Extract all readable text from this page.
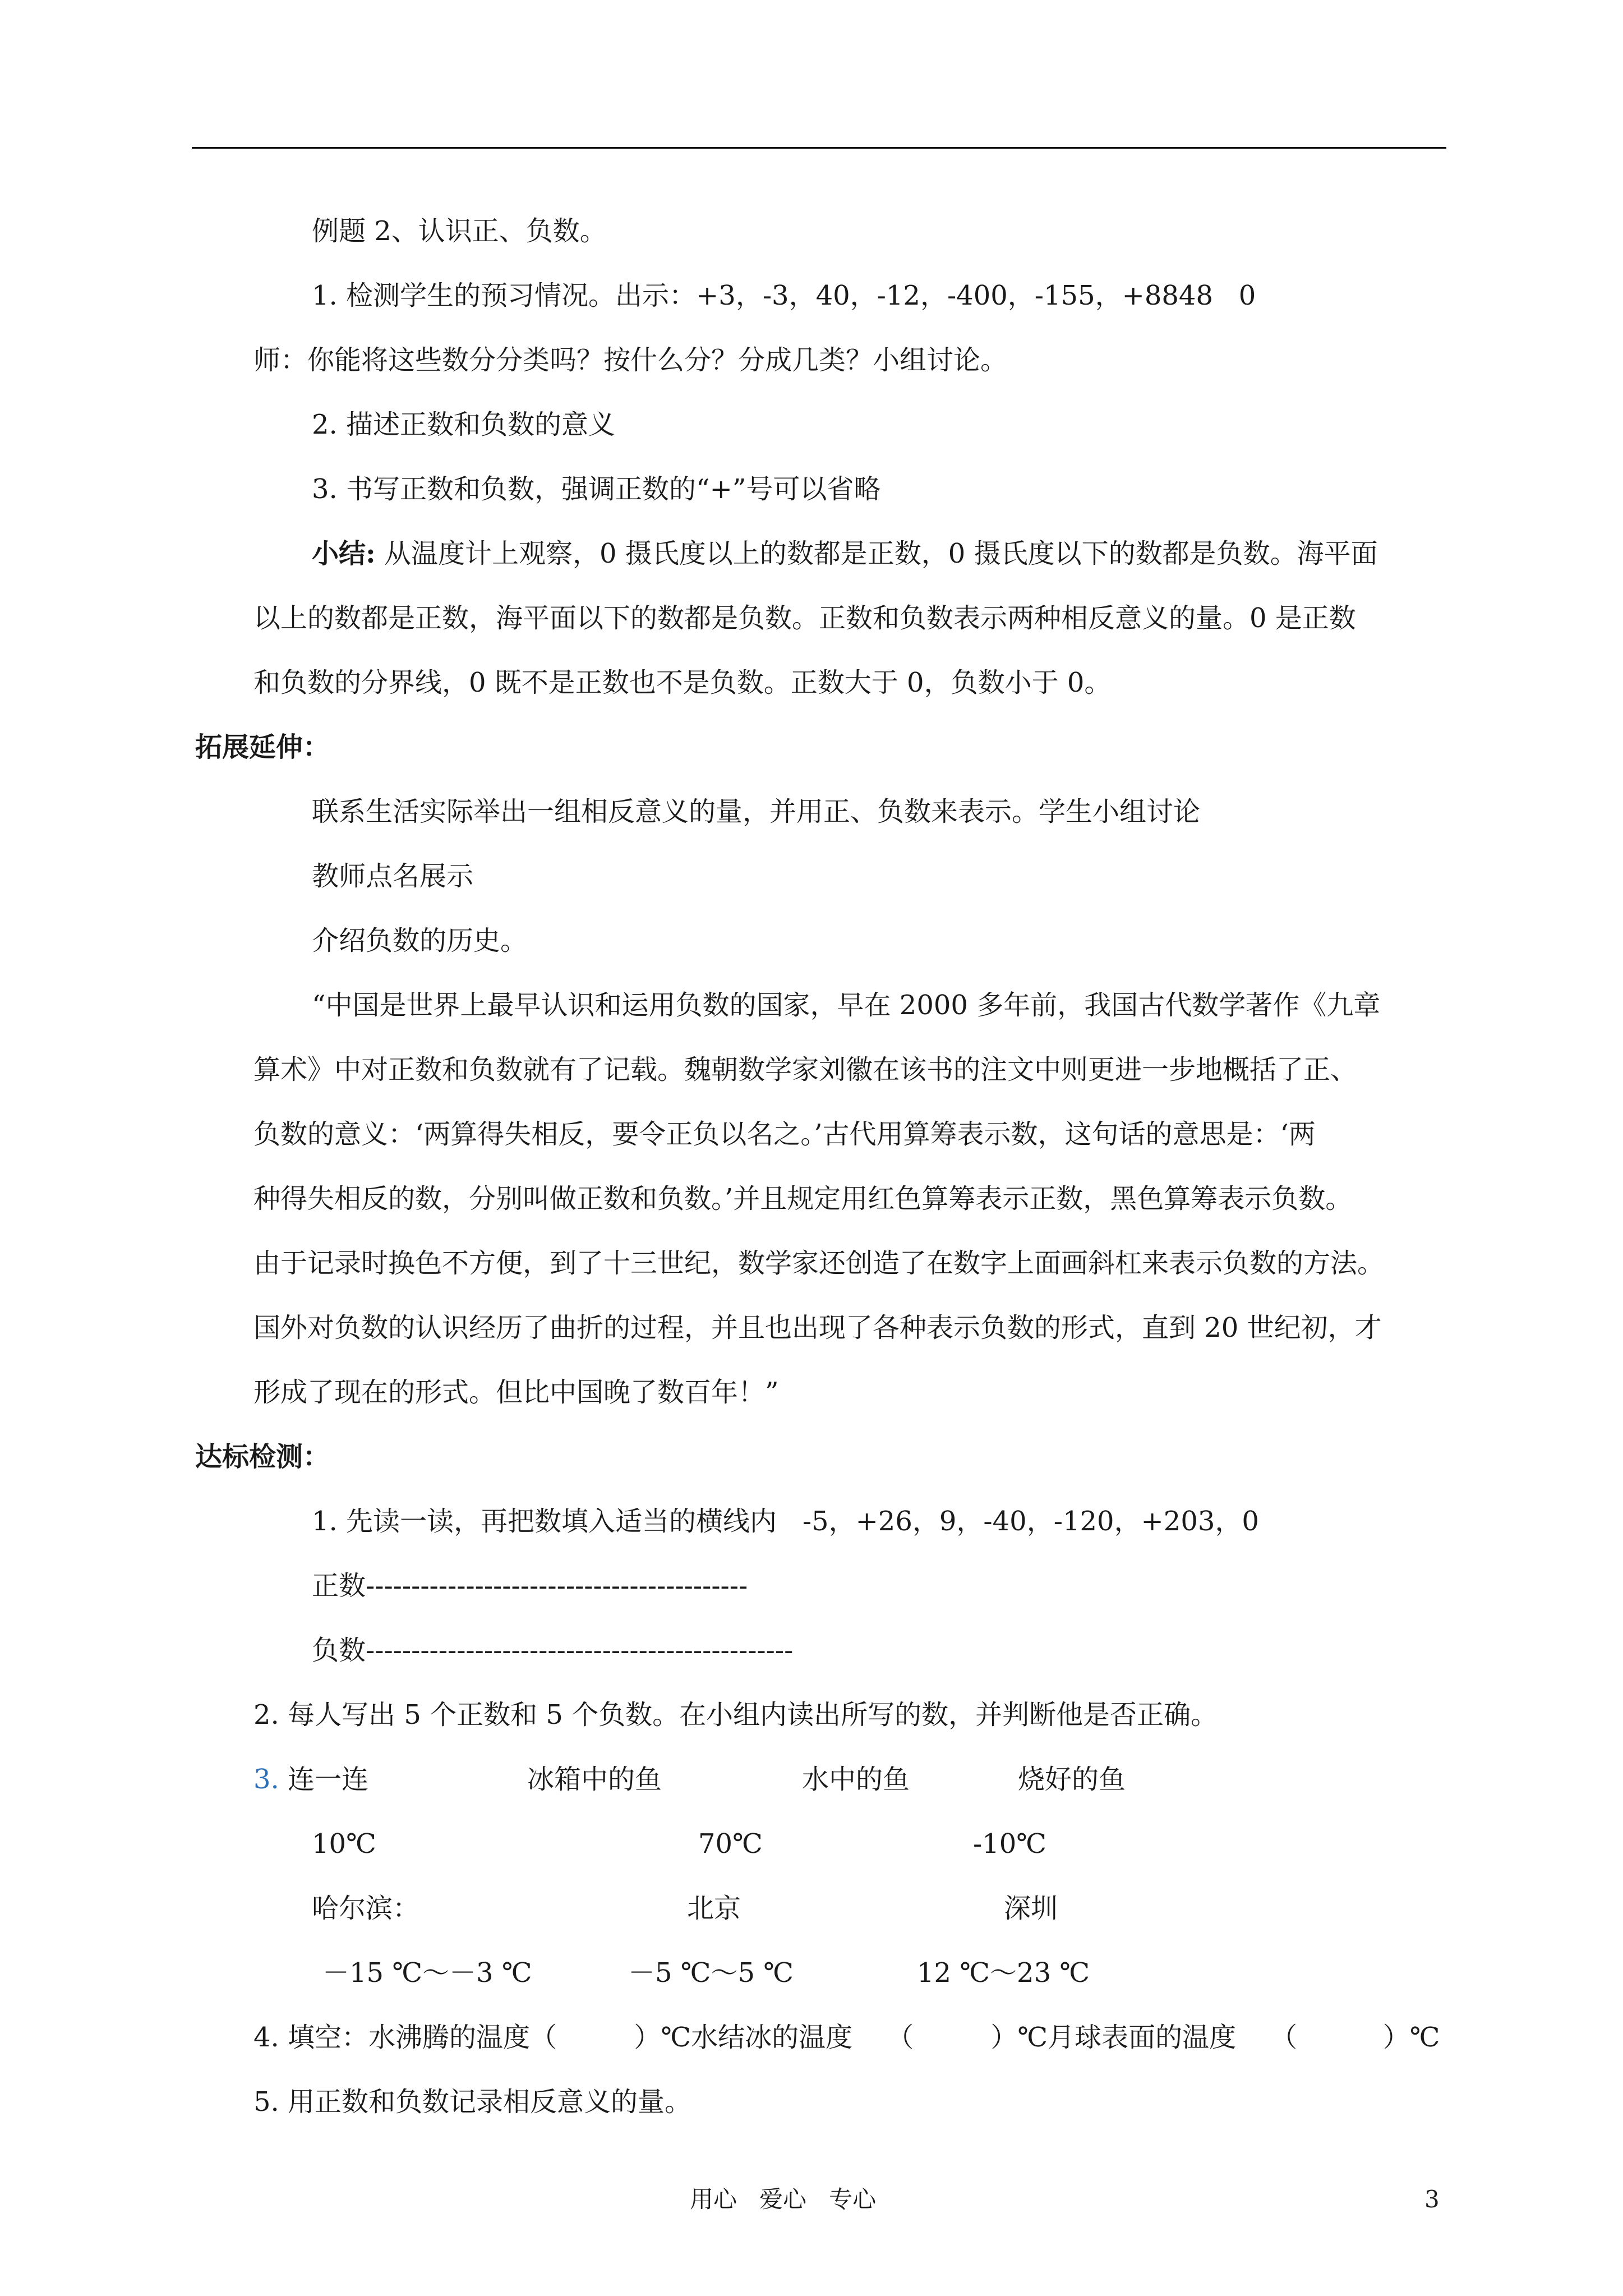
例题 2、认识正、负数。
1. 检测学生的预习情况。出示：+3，-3，40，-12，-400，-155，+8848   0
师：你能将这些数分分类吗？按什么分？分成几类？小组讨论。
2. 描述正数和负数的意义
3. 书写正数和负数，强调正数的“+”号可以省略
小结: 从温度计上观察，0 摄氏度以上的数都是正数，0 摄氏度以下的数都是负数。海平面
以上的数都是正数，海平面以下的数都是负数。正数和负数表示两种相反意义的量。0 是正数
和负数的分界线，0 既不是正数也不是负数。正数大于 0，负数小于 0。
拓展延伸：
联系生活实际举出一组相反意义的量，并用正、负数来表示。学生小组讨论
教师点名展示
介绍负数的历史。
“中国是世界上最早认识和运用负数的国家，早在 2000 多年前，我国古代数学著作《九章
算术》中对正数和负数就有了记载。魏朝数学家刘徽在该书的注文中则更进一步地概括了正、
负数的意义：‘两算得失相反，要令正负以名之。’古代用算筹表示数，这句话的意思是：‘两
种得失相反的数，分别叫做正数和负数。’并且规定用红色算筹表示正数，黑色算筹表示负数。
由于记录时换色不方便，到了十三世纪，数学家还创造了在数字上面画斜杠来表示负数的方法。
国外对负数的认识经历了曲折的过程，并且也出现了各种表示负数的形式，直到 20 世纪初，才
形成了现在的形式。但比中国晚了数百年！”
达标检测：
1. 先读一读，再把数填入适当的横线内   -5，+26，9，-40，-120，+203，0
正数------------------------------------------
负数-----------------------------------------------
2. 每人写出 5 个正数和 5 个负数。在小组内读出所写的数，并判断他是否正确。
3. 连一连	冰箱中的鱼	水中的鱼	烧好的鱼
10℃	70℃	-10℃
哈尔滨：	北京	深圳
－15 ℃～－3 ℃	－5 ℃～5 ℃	12 ℃～23 ℃
4. 填空：水沸腾的温度（         ）℃水结冰的温度    （         ）℃月球表面的温度    （          ）℃
5. 用正数和负数记录相反意义的量。
用心   爱心   专心	3
